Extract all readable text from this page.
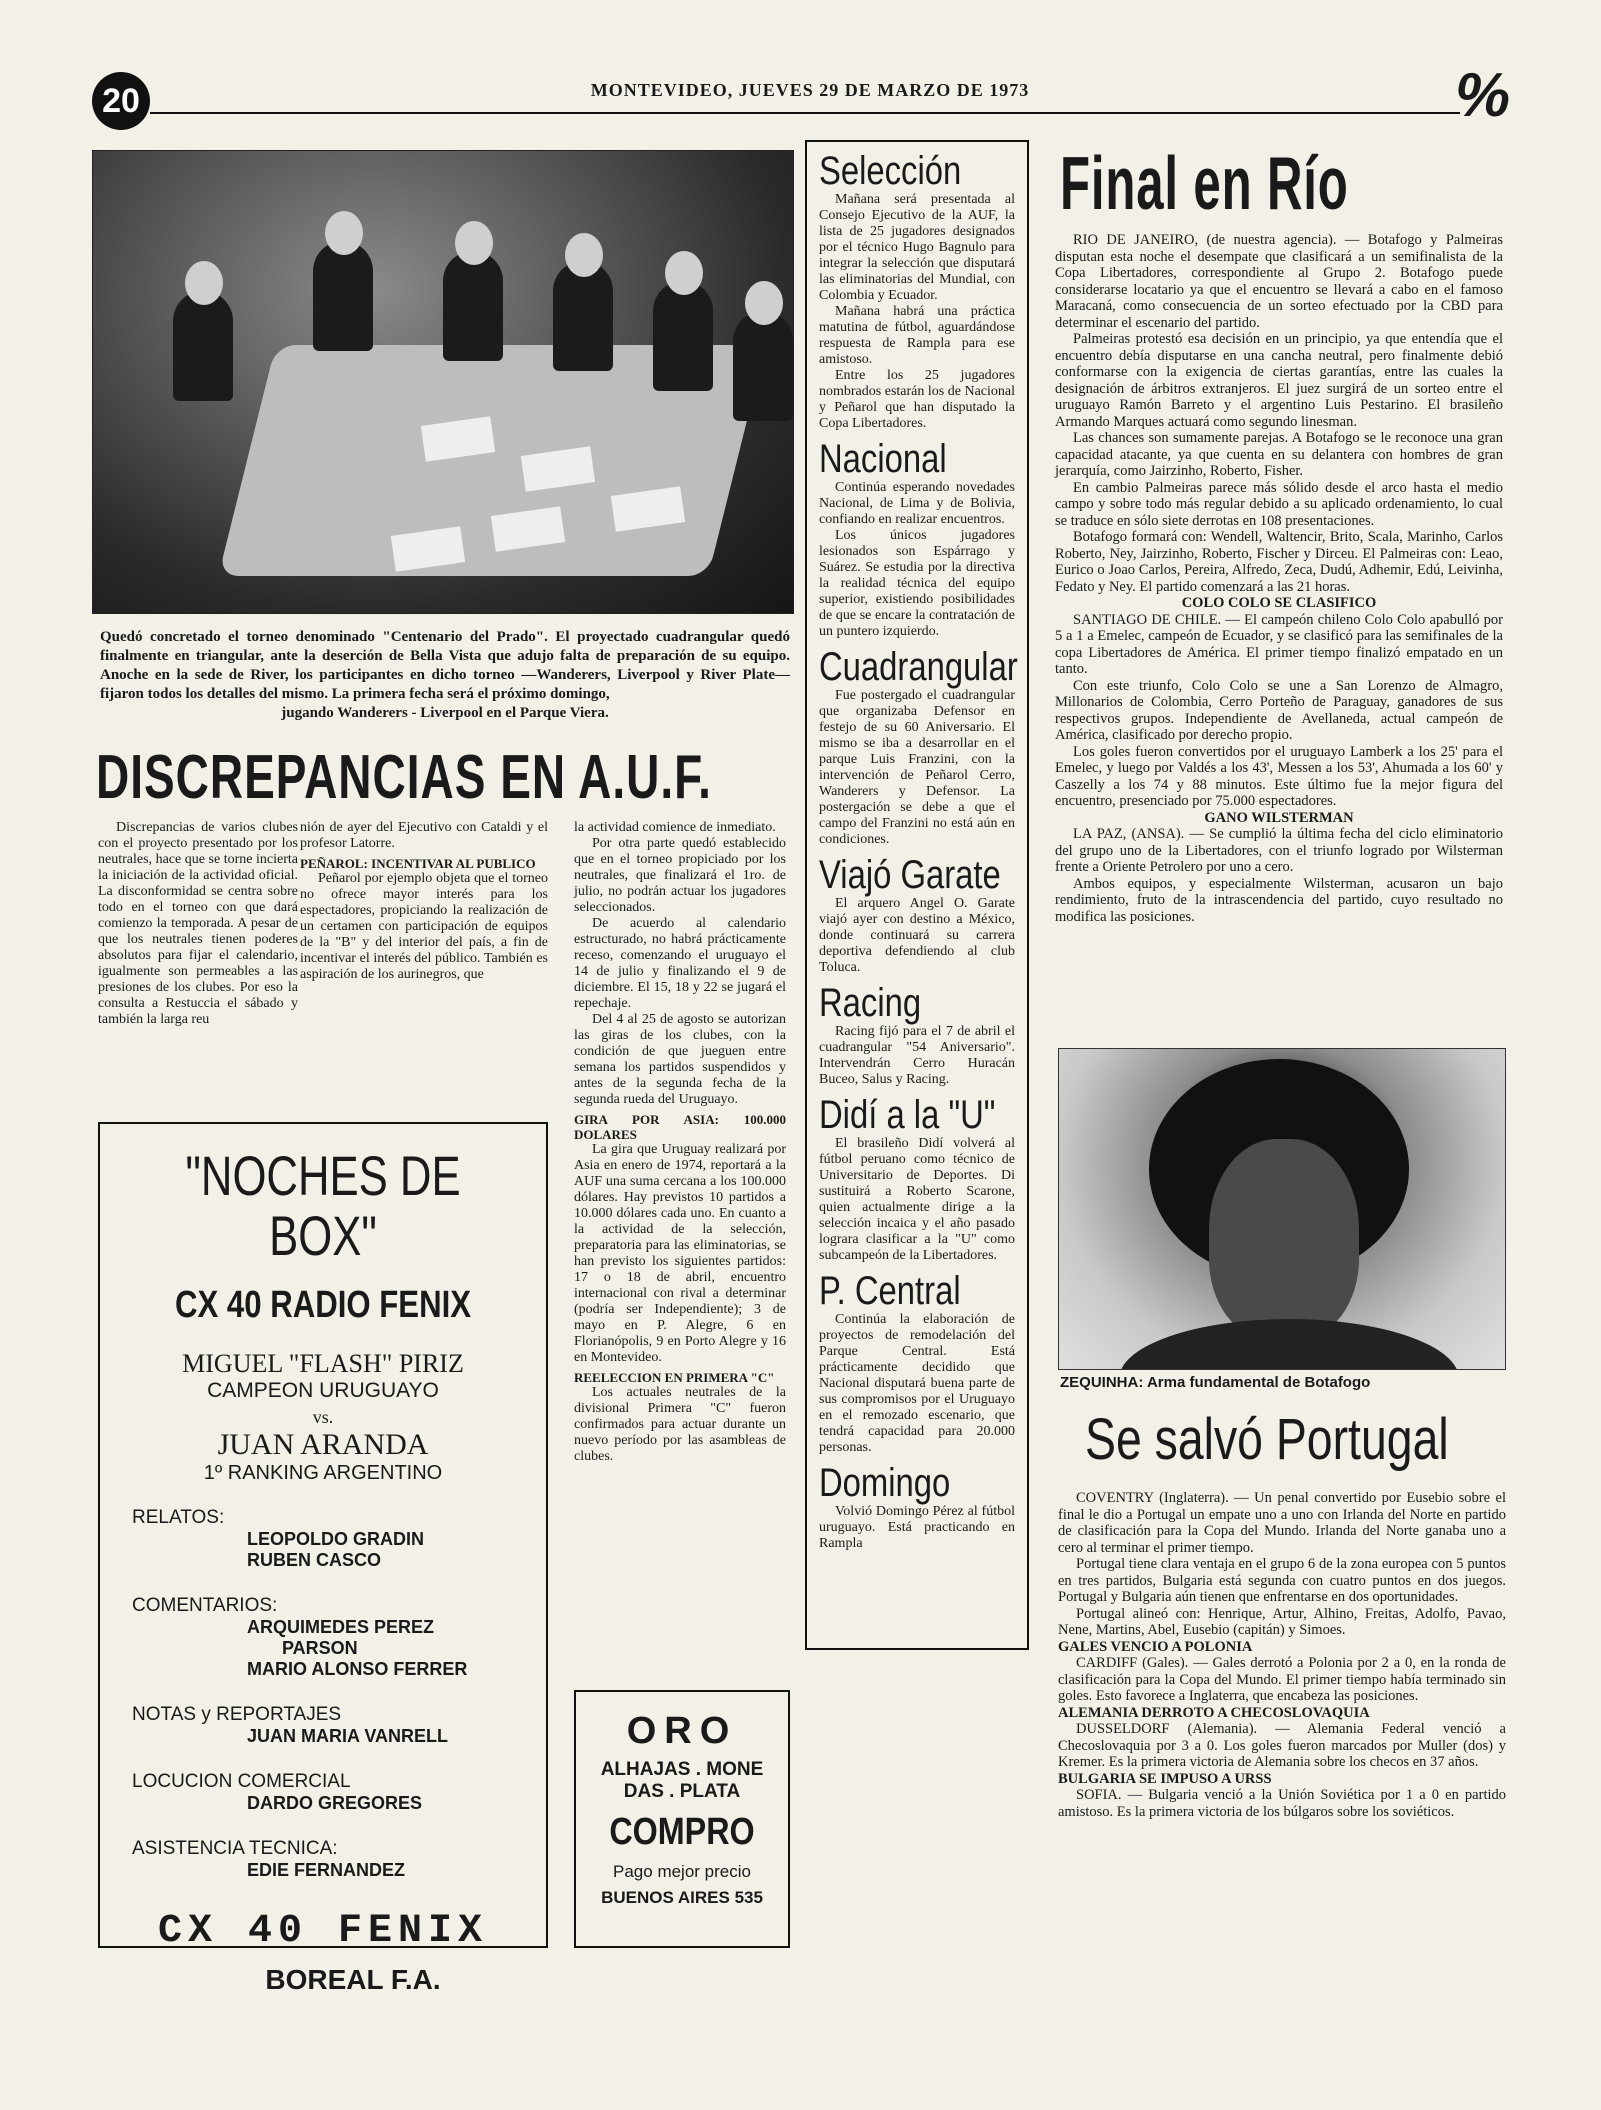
20	MONTEVIDEO, JUEVES 29 DE MARZO DE 1973	%
Quedó concretado el torneo denominado "Centenario del Prado". El proyectado cuadrangular quedó finalmente en triangular, ante la deserción de Bella Vista que adujo falta de preparación de su equipo. Anoche en la sede de River, los participantes en dicho torneo —Wanderers, Liverpool y River Plate— fijaron todos los detalles del mismo. La primera fecha será el próximo domingo,
jugando Wanderers - Liverpool en el Parque Viera.
DISCREPANCIAS EN A.U.F.

Discrepancias de varios clubes con el proyecto presentado por los neutrales, hace que se torne incierta la iniciación de la actividad oficial. La disconformidad se centra sobre todo en el torneo con que dará comienzo la temporada. A pesar de que los neutrales tienen poderes absolutos para fijar el calendario, igualmente son permeables a las presiones de los clubes. Por eso la consulta a Restuccia el sábado y también la larga reu

nión de ayer del Ejecutivo con Cataldi y el profesor Latorre.

PEÑAROL: INCENTIVAR AL PUBLICO

Peñarol por ejemplo objeta que el torneo no ofrece mayor interés para los espectadores, propiciando la realización de un certamen con participación de equipos de la "B" y del interior del país, a fin de incentivar el interés del público. También es aspiración de los aurinegros, que

la actividad comience de inmediato.

Por otra parte quedó establecido que en el torneo propiciado por los neutrales, que finalizará el 1ro. de julio, no podrán actuar los jugadores seleccionados.

De acuerdo al calendario estructurado, no habrá prácticamente receso, comenzando el uruguayo el 14 de julio y finalizando el 9 de diciembre. El 15, 18 y 22 se jugará el repechaje.

Del 4 al 25 de agosto se autorizan las giras de los clubes, con la condición de que jueguen entre semana los partidos suspendidos y antes de la segunda fecha de la segunda rueda del Uruguayo.

GIRA POR ASIA: 100.000 DOLARES

La gira que Uruguay realizará por Asia en enero de 1974, reportará a la AUF una suma cercana a los 100.000 dólares. Hay previstos 10 partidos a 10.000 dólares cada uno. En cuanto a la actividad de la selección, preparatoria para las eliminatorias, se han previsto los siguientes partidos: 17 o 18 de abril, encuentro internacional con rival a determinar (podría ser Independiente); 3 de mayo en P. Alegre, 6 en Florianópolis, 9 en Porto Alegre y 16 en Montevideo.

REELECCION EN PRIMERA "C"

Los actuales neutrales de la divisional Primera "C" fueron confirmados para actuar durante un nuevo período por las asambleas de clubes.

"NOCHES DE BOX"
CX 40 RADIO FENIX
MIGUEL "FLASH" PIRIZ
CAMPEON URUGUAYO
vs.
JUAN ARANDA
1º RANKING ARGENTINO
RELATOS:
LEOPOLDO GRADIN
RUBEN CASCO
COMENTARIOS:
ARQUIMEDES PEREZ
PARSON
MARIO ALONSO FERRER
NOTAS y REPORTAJES
JUAN MARIA VANRELL
LOCUCION COMERCIAL
DARDO GREGORES
ASISTENCIA TECNICA:
EDIE FERNANDEZ
CX 40 FENIX
BOREAL F.A.
ORO
ALHAJAS . MONE
DAS . PLATA
COMPRO
Pago mejor precio
BUENOS AIRES 535
Selección

Mañana será presentada al Consejo Ejecutivo de la AUF, la lista de 25 jugadores designados por el técnico Hugo Bagnulo para integrar la selección que disputará las eliminatorias del Mundial, con Colombia y Ecuador.

Mañana habrá una práctica matutina de fútbol, aguardándose respuesta de Rampla para ese amistoso.

Entre los 25 jugadores nombrados estarán los de Nacional y Peñarol que han disputado la Copa Libertadores.

Nacional

Continúa esperando novedades Nacional, de Lima y de Bolivia, confiando en realizar encuentros.

Los únicos jugadores lesionados son Espárrago y Suárez. Se estudia por la directiva la realidad técnica del equipo superior, existiendo posibilidades de que se encare la contratación de un puntero izquierdo.

Cuadrangular

Fue postergado el cuadrangular que organizaba Defensor en festejo de su 60 Aniversario. El mismo se iba a desarrollar en el parque Luis Franzini, con la intervención de Peñarol Cerro, Wanderers y Defensor. La postergación se debe a que el campo del Franzini no está aún en condiciones.

Viajó Garate

El arquero Angel O. Garate viajó ayer con destino a México, donde continuará su carrera deportiva defendiendo al club Toluca.

Racing

Racing fijó para el 7 de abril el cuadrangular "54 Aniversario". Intervendrán Cerro Huracán Buceo, Salus y Racing.

Didí a la "U"

El brasileño Didí volverá al fútbol peruano como técnico de Universitario de Deportes. Di sustituirá a Roberto Scarone, quien actualmente dirige a la selección incaica y el año pasado lograra clasificar a la "U" como subcampeón de la Libertadores.

P. Central

Continúa la elaboración de proyectos de remodelación del Parque Central. Está prácticamente decidido que Nacional disputará buena parte de sus compromisos por el Uruguayo en el remozado escenario, que tendrá capacidad para 20.000 personas.

Domingo

Volvió Domingo Pérez al fútbol uruguayo. Está practicando en Rampla

Final en Río

RIO DE JANEIRO, (de nuestra agencia). — Botafogo y Palmeiras disputan esta noche el desempate que clasificará a un semifinalista de la Copa Libertadores, correspondiente al Grupo 2. Botafogo puede considerarse locatario ya que el encuentro se llevará a cabo en el famoso Maracaná, como consecuencia de un sorteo efectuado por la CBD para determinar el escenario del partido.

Palmeiras protestó esa decisión en un principio, ya que entendía que el encuentro debía disputarse en una cancha neutral, pero finalmente debió conformarse con la exigencia de ciertas garantías, entre las cuales la designación de árbitros extranjeros. El juez surgirá de un sorteo entre el uruguayo Ramón Barreto y el argentino Luis Pestarino. El brasileño Armando Marques actuará como segundo linesman.

Las chances son sumamente parejas. A Botafogo se le reconoce una gran capacidad atacante, ya que cuenta en su delantera con hombres de gran jerarquía, como Jairzinho, Roberto, Fisher.

En cambio Palmeiras parece más sólido desde el arco hasta el medio campo y sobre todo más regular debido a su aplicado ordenamiento, lo cual se traduce en sólo siete derrotas en 108 presentaciones.

Botafogo formará con: Wendell, Waltencir, Brito, Scala, Marinho, Carlos Roberto, Ney, Jairzinho, Roberto, Fischer y Dirceu. El Palmeiras con: Leao, Eurico o Joao Carlos, Pereira, Alfredo, Zeca, Dudú, Adhemir, Edú, Leivinha, Fedato y Ney. El partido comenzará a las 21 horas.

COLO COLO SE CLASIFICO

SANTIAGO DE CHILE. — El campeón chileno Colo Colo apabulló por 5 a 1 a Emelec, campeón de Ecuador, y se clasificó para las semifinales de la copa Libertadores de América. El primer tiempo finalizó empatado en un tanto.

Con este triunfo, Colo Colo se une a San Lorenzo de Almagro, Millonarios de Colombia, Cerro Porteño de Paraguay, ganadores de sus respectivos grupos. Independiente de Avellaneda, actual campeón de América, clasificado por derecho propio.

Los goles fueron convertidos por el uruguayo Lamberk a los 25' para el Emelec, y luego por Valdés a los 43', Messen a los 53', Ahumada a los 60' y Caszelly a los 74 y 88 minutos. Este último fue la mejor figura del encuentro, presenciado por 75.000 espectadores.

GANO WILSTERMAN

LA PAZ, (ANSA). — Se cumplió la última fecha del ciclo eliminatorio del grupo uno de la Libertadores, con el triunfo logrado por Wilsterman frente a Oriente Petrolero por uno a cero.

Ambos equipos, y especialmente Wilsterman, acusaron un bajo rendimiento, fruto de la intrascendencia del partido, cuyo resultado no modifica las posiciones.

ZEQUINHA: Arma fundamental de Botafogo
Se salvó Portugal

COVENTRY (Inglaterra). — Un penal convertido por Eusebio sobre el final le dio a Portugal un empate uno a uno con Irlanda del Norte en partido de clasificación para la Copa del Mundo. Irlanda del Norte ganaba uno a cero al terminar el primer tiempo.

Portugal tiene clara ventaja en el grupo 6 de la zona europea con 5 puntos en tres partidos, Bulgaria está segunda con cuatro puntos en dos juegos. Portugal y Bulgaria aún tienen que enfrentarse en dos oportunidades.

Portugal alineó con: Henrique, Artur, Alhino, Freitas, Adolfo, Pavao, Nene, Martins, Abel, Eusebio (capitán) y Simoes.

GALES VENCIO A POLONIA

CARDIFF (Gales). — Gales derrotó a Polonia por 2 a 0, en la ronda de clasificación para la Copa del Mundo. El primer tiempo había terminado sin goles. Esto favorece a Inglaterra, que encabeza las posiciones.

ALEMANIA DERROTO A CHECOSLOVAQUIA

DUSSELDORF (Alemania). — Alemania Federal venció a Checoslovaquia por 3 a 0. Los goles fueron marcados por Muller (dos) y Kremer. Es la primera victoria de Alemania sobre los checos en 37 años.

BULGARIA SE IMPUSO A URSS

SOFIA. — Bulgaria venció a la Unión Soviética por 1 a 0 en partido amistoso. Es la primera victoria de los búlgaros sobre los soviéticos.
